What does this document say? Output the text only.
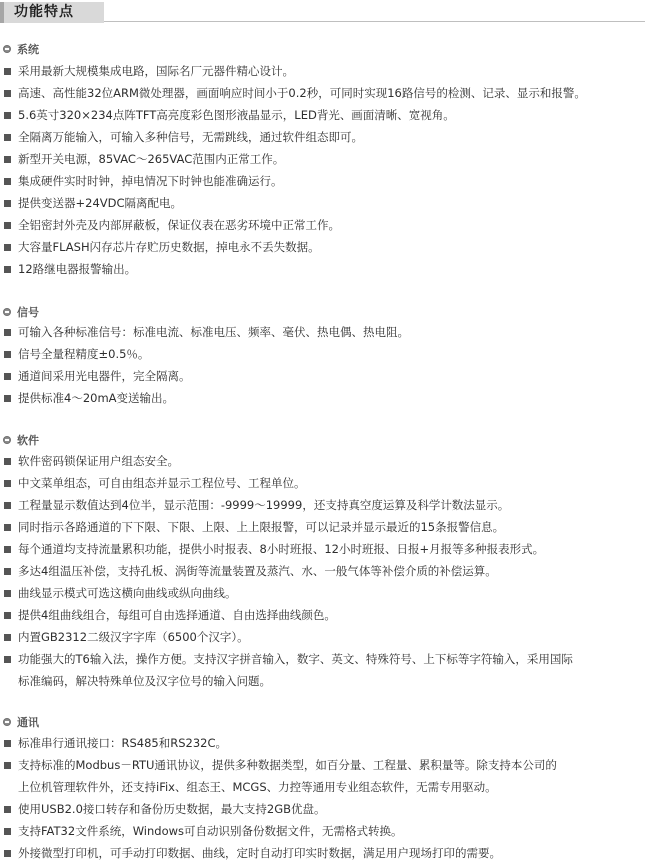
功能特点
系统
采用最新大规模集成电路，国际名厂元器件精心设计。
高速、高性能32位ARM微处理器，画面响应时间小于0.2秒，可同时实现16路信号的检测、记录、显示和报警。
5.6英寸320×234点阵TFT高亮度彩色图形液晶显示，LED背光、画面清晰、宽视角。
全隔离万能输入，可输入多种信号，无需跳线，通过软件组态即可。
新型开关电源，85VAC～265VAC范围内正常工作。
集成硬件实时时钟，掉电情况下时钟也能准确运行。
提供变送器+24VDC隔离配电。
全铝密封外壳及内部屏蔽板，保证仪表在恶劣环境中正常工作。
大容量FLASH闪存芯片存贮历史数据，掉电永不丢失数据。
12路继电器报警输出。
信号
可输入各种标准信号：标准电流、标准电压、频率、毫伏、热电偶、热电阻。
信号全量程精度±0.5％。
通道间采用光电器件，完全隔离。
提供标准4～20mA变送输出。
软件
软件密码锁保证用户组态安全。
中文菜单组态，可自由组态并显示工程位号、工程单位。
工程量显示数值达到4位半，显示范围：-9999～19999，还支持真空度运算及科学计数法显示。
同时指示各路通道的下下限、下限、上限、上上限报警，可以记录并显示最近的15条报警信息。
每个通道均支持流量累积功能，提供小时报表、8小时班报、12小时班报、日报+月报等多种报表形式。
多达4组温压补偿，支持孔板、涡街等流量装置及蒸汽、水、一般气体等补偿介质的补偿运算。
曲线显示模式可选这横向曲线或纵向曲线。
提供4组曲线组合，每组可自由选择通道、自由选择曲线颜色。
内置GB2312二级汉字字库（6500个汉字）。
功能强大的T6输入法，操作方便。支持汉字拼音输入，数字、英文、特殊符号、上下标等字符输入，采用国际
标准编码，解决特殊单位及汉字位号的输入问题。
通讯
标准串行通讯接口：RS485和RS232C。
支持标准的Modbus－RTU通讯协议，提供多种数据类型，如百分量、工程量、累积量等。除支持本公司的
上位机管理软件外，还支持iFix、组态王、MCGS、力控等通用专业组态软件，无需专用驱动。
使用USB2.0接口转存和备份历史数据，最大支持2GB优盘。
支持FAT32文件系统，Windows可自动识别备份数据文件，无需格式转换。
外接微型打印机，可手动打印数据、曲线，定时自动打印实时数据，满足用户现场打印的需要。
